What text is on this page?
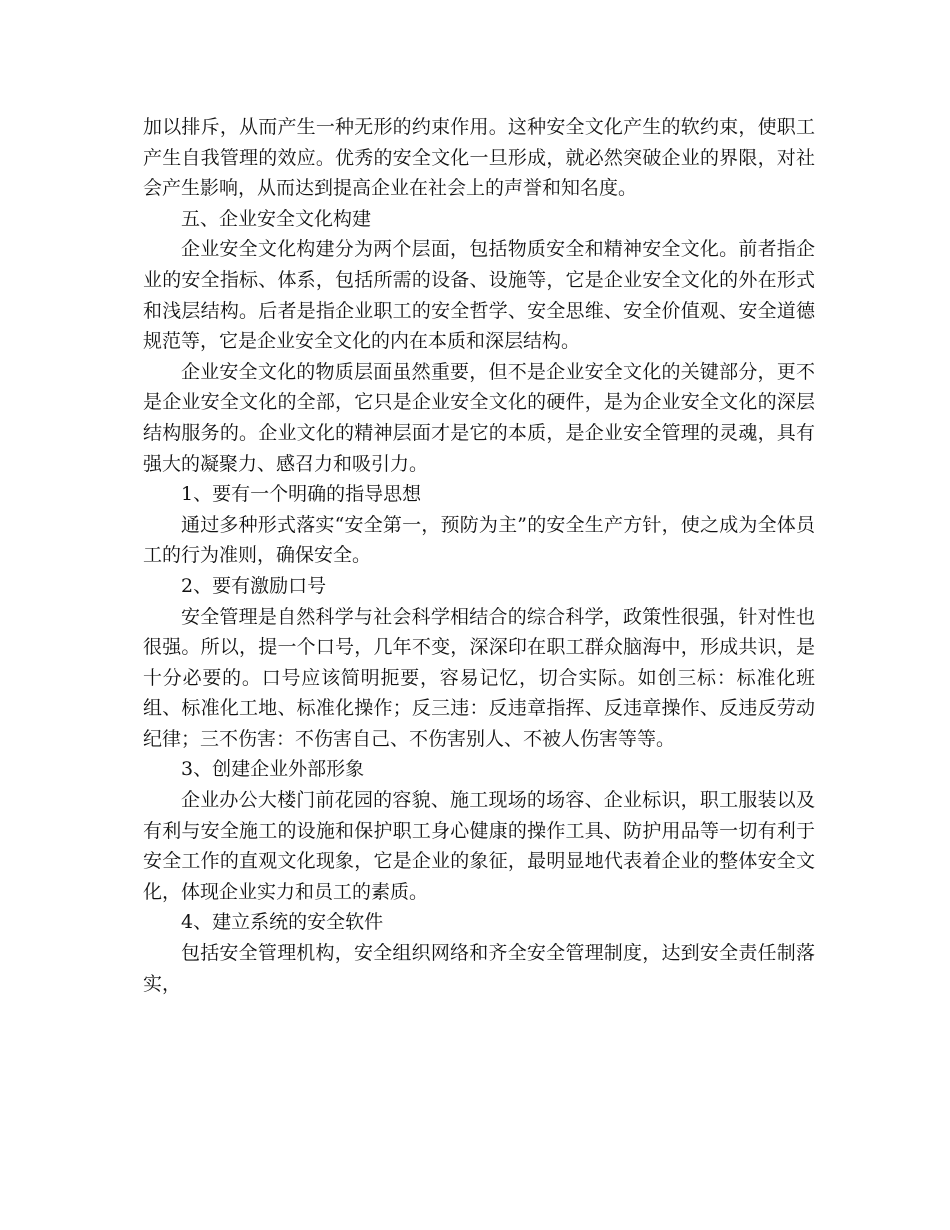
加以排斥，从而产生一种无形的约束作用。这种安全文化产生的软约束，使职工产生自我管理的效应。优秀的安全文化一旦形成，就必然突破企业的界限，对社会产生影响，从而达到提高企业在社会上的声誉和知名度。

五、企业安全文化构建

企业安全文化构建分为两个层面，包括物质安全和精神安全文化。前者指企业的安全指标、体系，包括所需的设备、设施等，它是企业安全文化的外在形式和浅层结构。后者是指企业职工的安全哲学、安全思维、安全价值观、安全道德规范等，它是企业安全文化的内在本质和深层结构。

企业安全文化的物质层面虽然重要，但不是企业安全文化的关键部分，更不是企业安全文化的全部，它只是企业安全文化的硬件，是为企业安全文化的深层结构服务的。企业文化的精神层面才是它的本质，是企业安全管理的灵魂，具有强大的凝聚力、感召力和吸引力。

1、要有一个明确的指导思想

通过多种形式落实“安全第一，预防为主”的安全生产方针，使之成为全体员工的行为准则，确保安全。

2、要有激励口号

安全管理是自然科学与社会科学相结合的综合科学，政策性很强，针对性也很强。所以，提一个口号，几年不变，深深印在职工群众脑海中，形成共识，是十分必要的。口号应该简明扼要，容易记忆，切合实际。如创三标：标准化班组、标准化工地、标准化操作；反三违：反违章指挥、反违章操作、反违反劳动纪律；三不伤害：不伤害自己、不伤害别人、不被人伤害等等。

3、创建企业外部形象

企业办公大楼门前花园的容貌、施工现场的场容、企业标识，职工服装以及有利与安全施工的设施和保护职工身心健康的操作工具、防护用品等一切有利于安全工作的直观文化现象，它是企业的象征，最明显地代表着企业的整体安全文化，体现企业实力和员工的素质。

4、建立系统的安全软件

包括安全管理机构，安全组织网络和齐全安全管理制度，达到安全责任制落实，
